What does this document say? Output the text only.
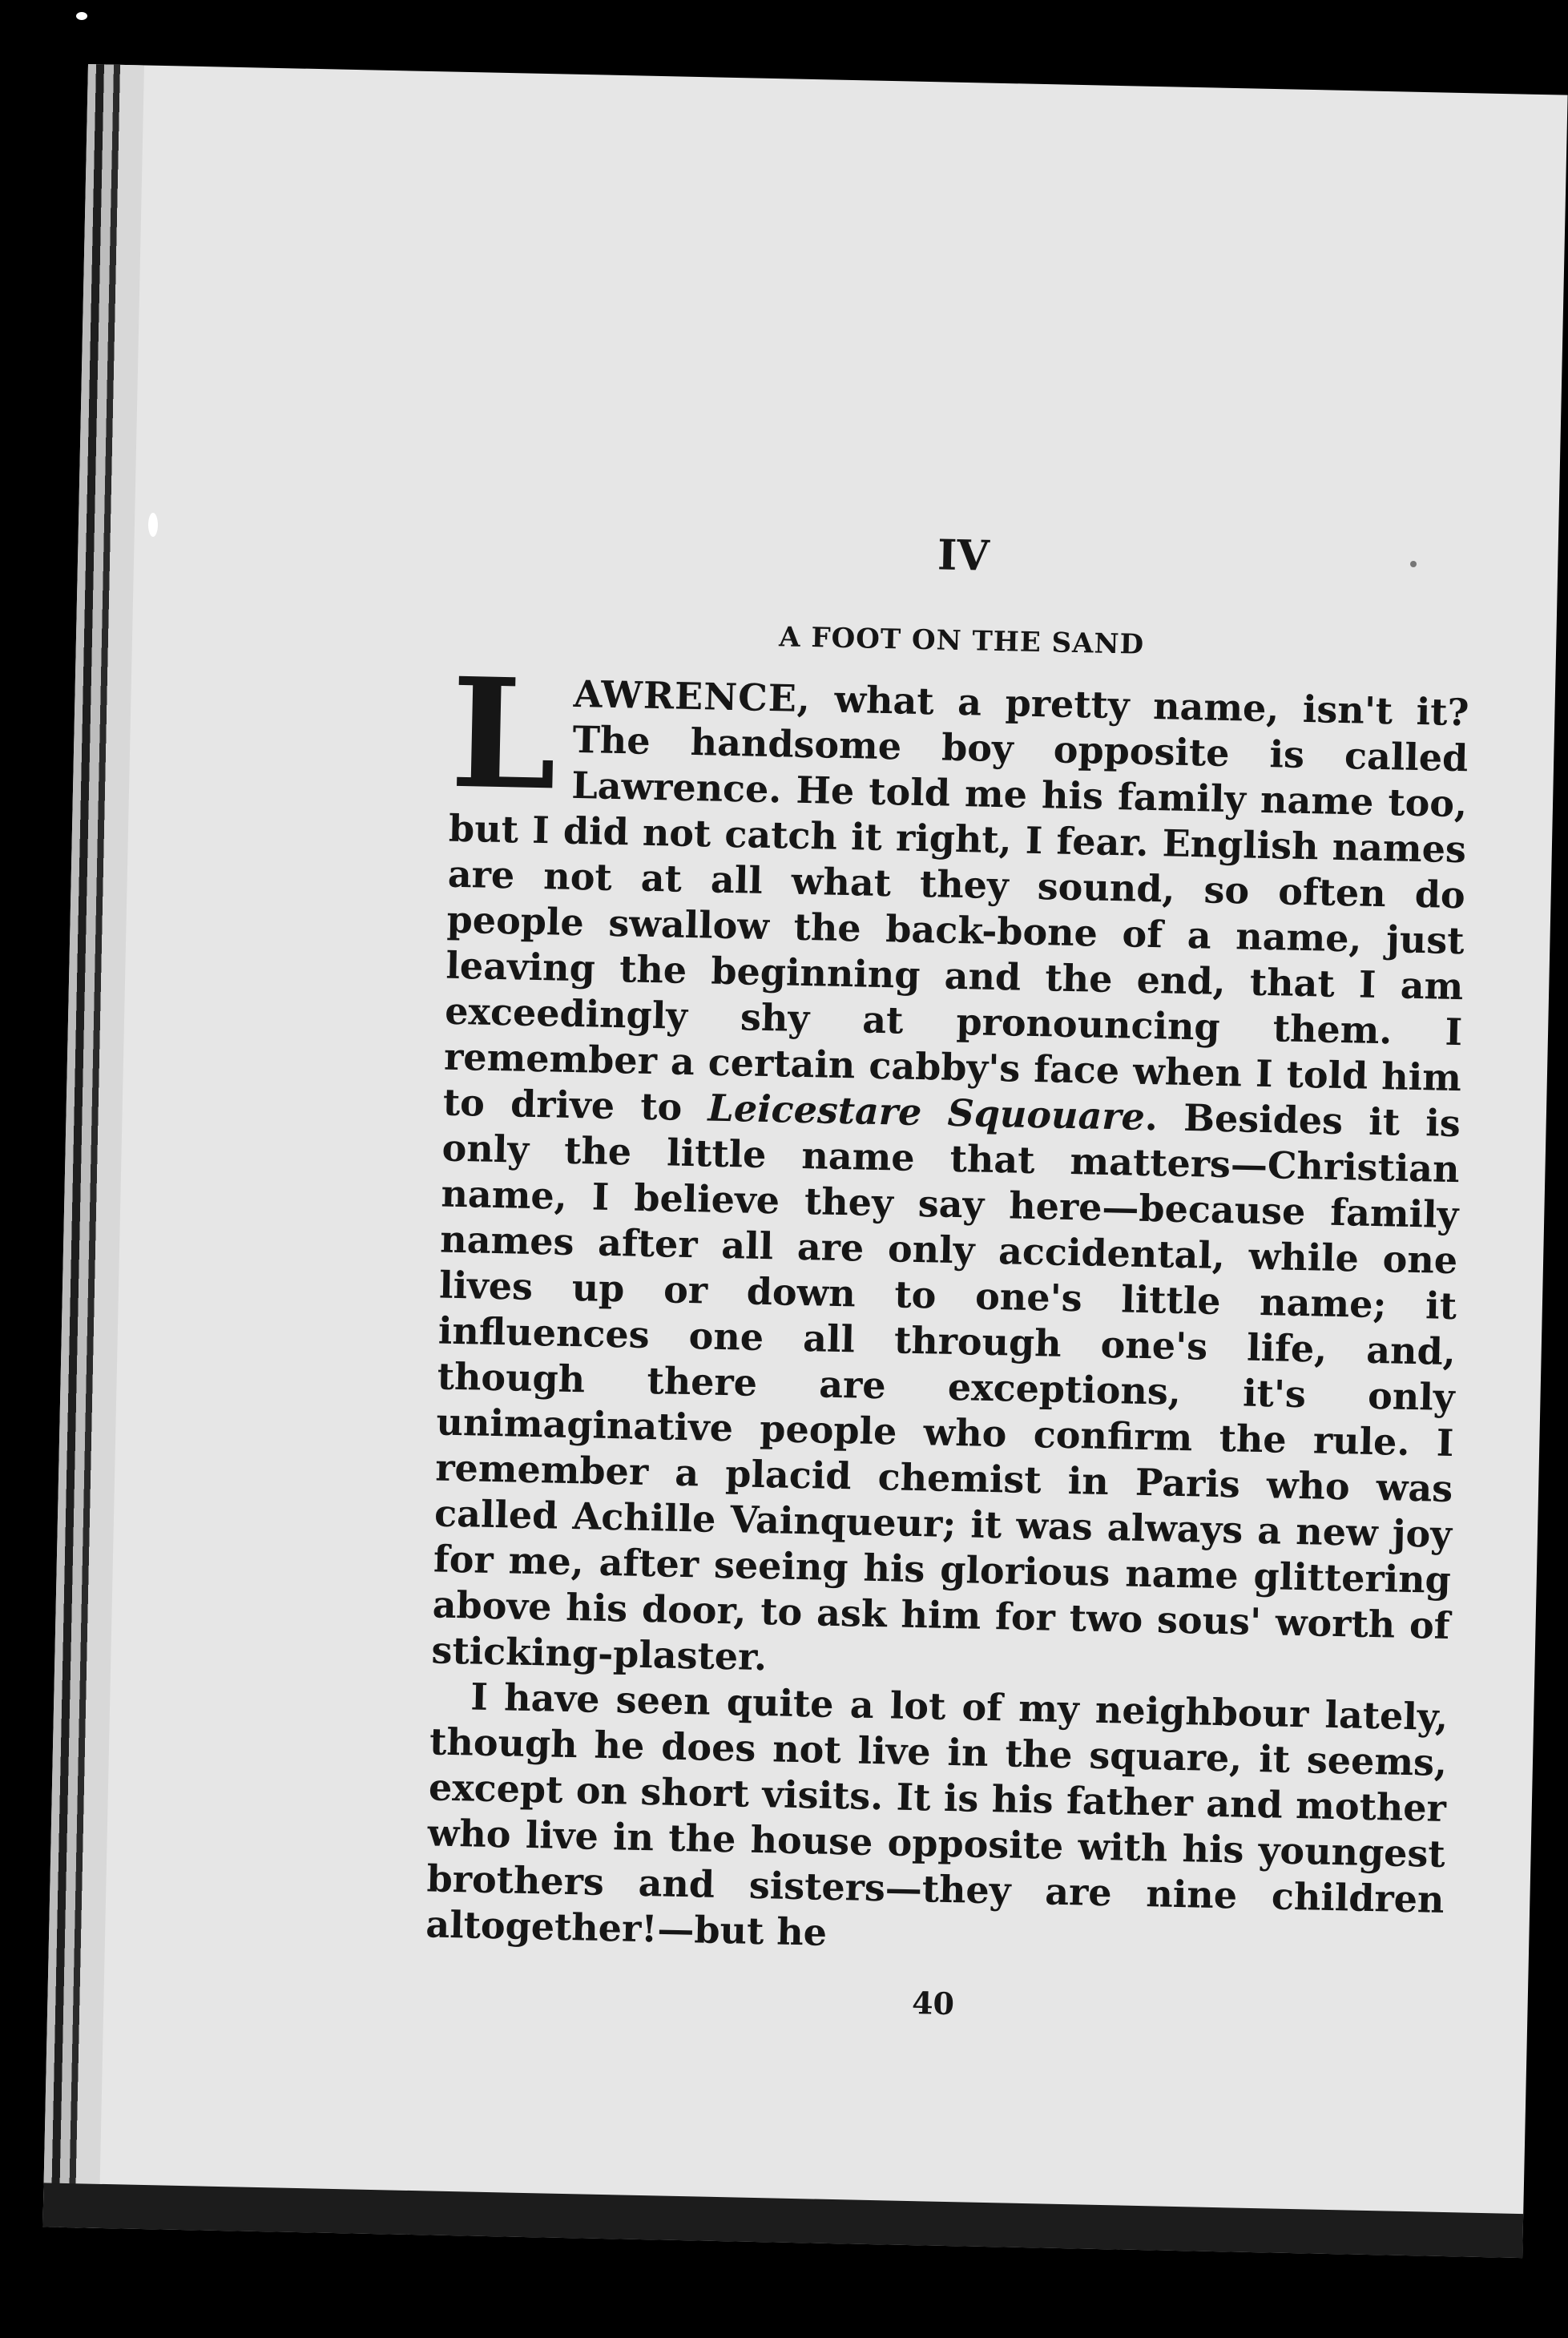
IV
A FOOT ON THE SAND

LAWRENCE, what a pretty name, isn't it? The handsome boy opposite is called Lawrence. He told me his family name too, but I did not catch it right, I fear. English names are not at all what they sound, so often do people swallow the back-bone of a name, just leaving the beginning and the end, that I am exceedingly shy at pronouncing them. I remember a certain cabby's face when I told him to drive to Leicestare Squouare. Besides it is only the little name that matters—Christian name, I believe they say here—because family names after all are only accidental, while one lives up or down to one's little name; it influences one all through one's life, and, though there are exceptions, it's only unimaginative people who confirm the rule. I remember a placid chemist in Paris who was called Achille Vainqueur; it was always a new joy for me, after seeing his glorious name glittering above his door, to ask him for two sous' worth of sticking-plaster.

I have seen quite a lot of my neighbour lately, though he does not live in the square, it seems, except on short visits. It is his father and mother who live in the house opposite with his youngest brothers and sisters—they are nine children altogether!—but he

40
